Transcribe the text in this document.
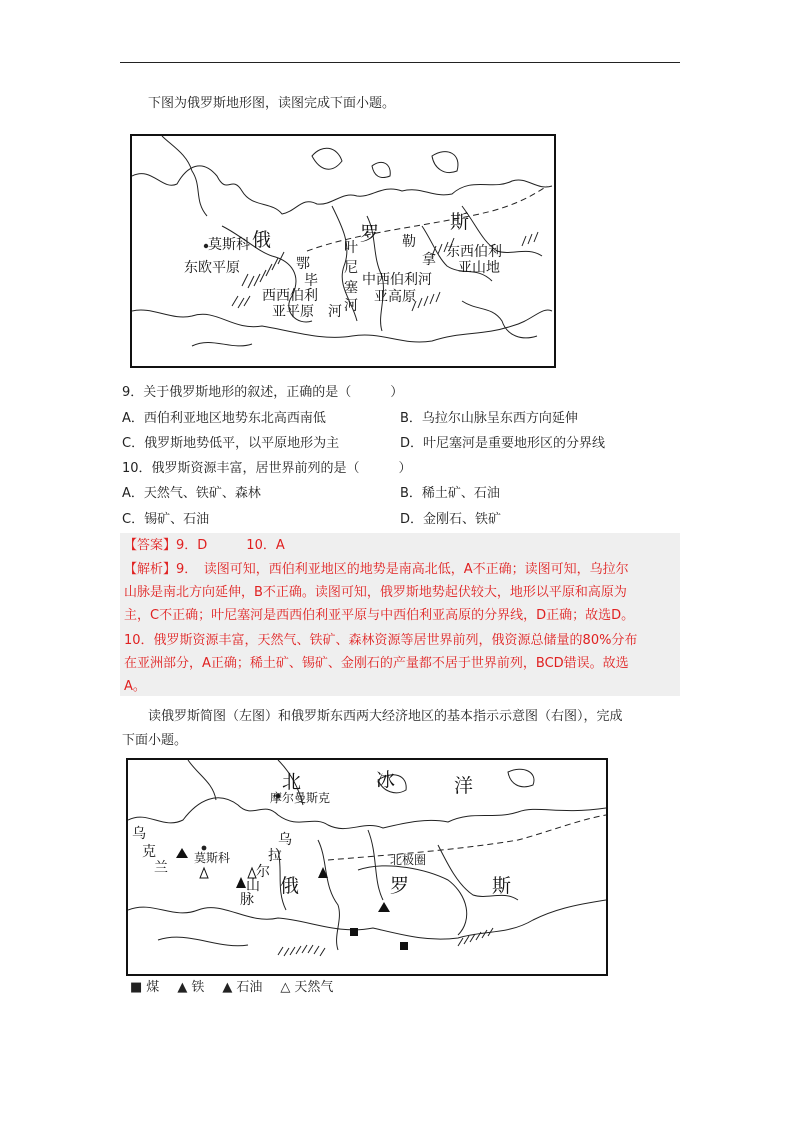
下图为俄罗斯地形图，读图完成下面小题。
莫斯科 俄
东欧平原	鄂
毕
河
西西伯利
亚平原
叶
尼
塞
河
罗
中西伯利河
亚高原
勒
拿
斯
东西伯利
亚山地
9．关于俄罗斯地形的叙述，正确的是（　　　）
A．西伯利亚地区地势东北高西南低	B．乌拉尔山脉呈东西方向延伸
C．俄罗斯地势低平，以平原地形为主	D．叶尼塞河是重要地形区的分界线
10．俄罗斯资源丰富，居世界前列的是（　　　）
A．天然气、铁矿、森林	B．稀土矿、石油
C．锡矿、石油	D．金刚石、铁矿
【答案】9．D　　　10．A
【解析】9．　读图可知，西伯利亚地区的地势是南高北低，A不正确；读图可知，乌拉尔
山脉是南北方向延伸，B不正确。读图可知，俄罗斯地势起伏较大，地形以平原和高原为
主，C不正确；叶尼塞河是西西伯利亚平原与中西伯利亚高原的分界线，D正确；故选D。
10．俄罗斯资源丰富，天然气、铁矿、森林资源等居世界前列，俄资源总储量的80%分布
在亚洲部分，A正确；稀土矿、锡矿、金刚石的产量都不居于世界前列，BCD错误。故选
A。
读俄罗斯简图（左图）和俄罗斯东西两大经济地区的基本指示示意图（右图），完成
下面小题。
北	冰	洋
摩尔曼斯克
乌
克
兰
莫斯科
乌
拉
尔
山
脉
北极圈
俄	罗	斯
■ 煤 ▲ 铁 ▲ 石油 △ 天然气
